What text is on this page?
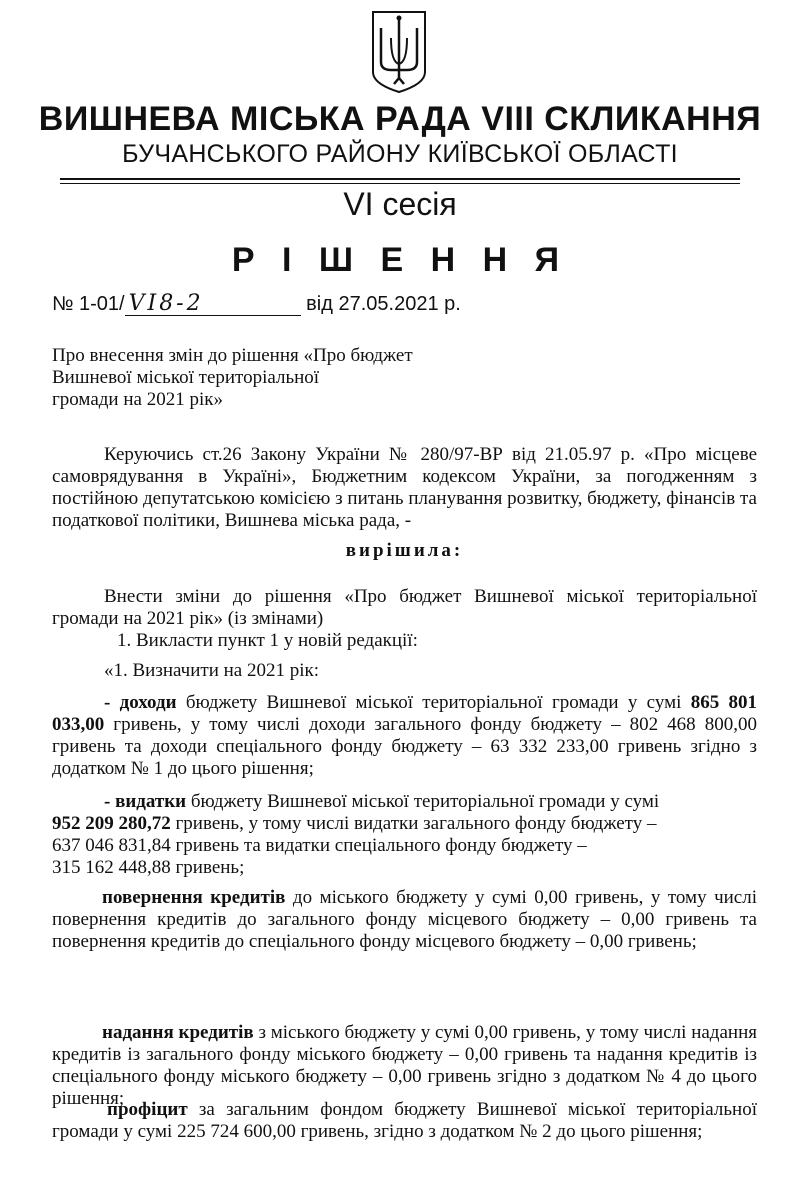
ВИШНЕВА МІСЬКА РАДА VIII СКЛИКАННЯ
БУЧАНСЬКОГО РАЙОНУ КИЇВСЬКОЇ ОБЛАСТІ
VI сесія
Р І Ш Е Н Н Я
№ 1-01/ VI8-2	від 27.05.2021 р.
Про внесення змін до рішення «Про бюджет
Вишневої міської територіальної
громади на 2021 рік»
Керуючись ст.26 Закону України № 280/97-ВР від 21.05.97 р. «Про місцеве самоврядування в Україні», Бюджетним кодексом України, за погодженням з постійною депутатською комісією з питань планування розвитку, бюджету, фінансів та податкової політики, Вишнева міська рада, -
вирішила:
Внести зміни до рішення «Про бюджет Вишневої міської територіальної громади на 2021 рік» (із змінами)
1. Викласти пункт 1 у новій редакції:
«1. Визначити на 2021 рік:
- доходи бюджету Вишневої міської територіальної громади у сумі 865 801 033,00 гривень, у тому числі доходи загального фонду бюджету – 802 468 800,00 гривень та доходи спеціального фонду бюджету – 63 332 233,00 гривень згідно з додатком № 1 до цього рішення;
- видатки бюджету Вишневої міської територіальної громади у сумі
952 209 280,72 гривень, у тому числі видатки загального фонду бюджету –
637 046 831,84 гривень та видатки спеціального фонду бюджету –
315 162 448,88 гривень;
повернення кредитів до міського бюджету у сумі 0,00 гривень, у тому числі повернення кредитів до загального фонду місцевого бюджету – 0,00 гривень та повернення кредитів до спеціального фонду місцевого бюджету – 0,00 гривень;
надання кредитів з міського бюджету у сумі 0,00 гривень, у тому числі надання кредитів із загального фонду міського бюджету – 0,00 гривень та надання кредитів із спеціального фонду міського бюджету – 0,00 гривень згідно з додатком № 4 до цього рішення;
профіцит за загальним фондом бюджету Вишневої міської територіальної громади у сумі 225 724 600,00 гривень, згідно з додатком № 2 до цього рішення;
